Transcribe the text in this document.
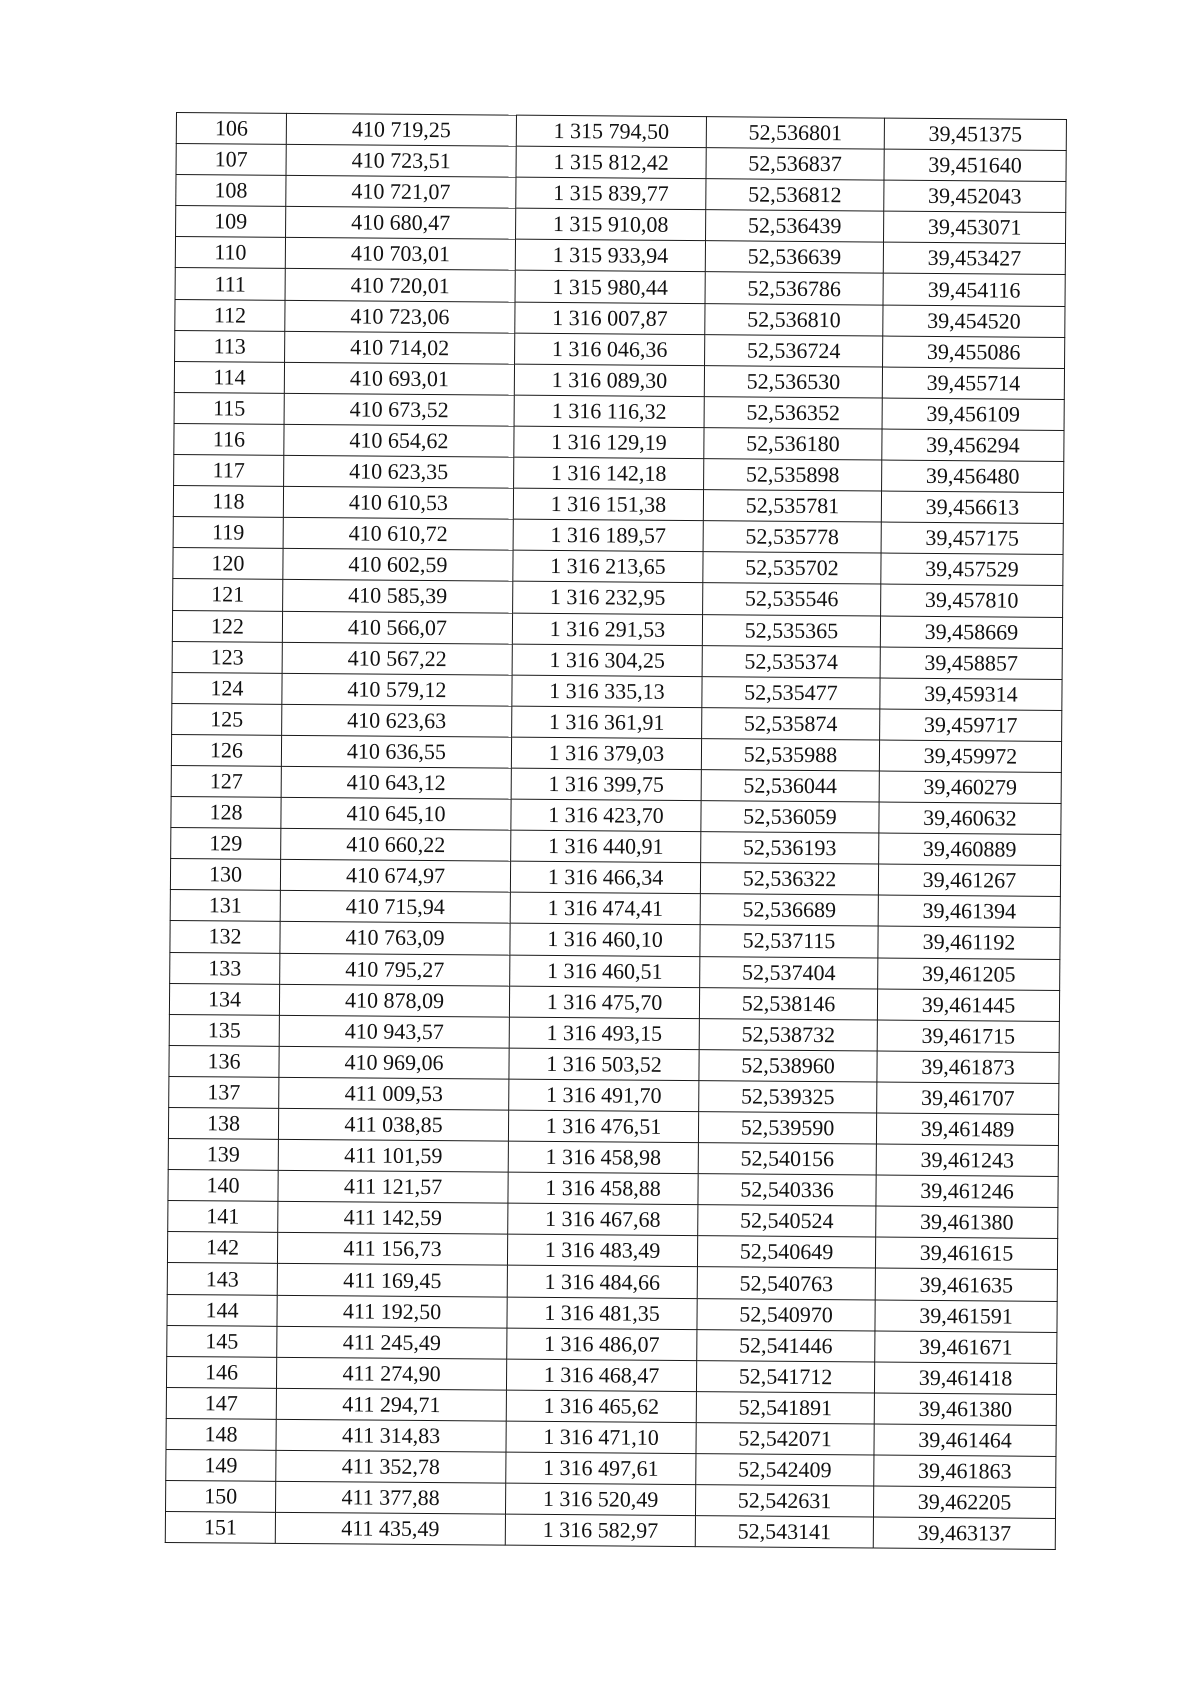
106	410 719,25	1 315 794,50	52,536801	39,451375
107	410 723,51	1 315 812,42	52,536837	39,451640
108	410 721,07	1 315 839,77	52,536812	39,452043
109	410 680,47	1 315 910,08	52,536439	39,453071
110	410 703,01	1 315 933,94	52,536639	39,453427
111	410 720,01	1 315 980,44	52,536786	39,454116
112	410 723,06	1 316 007,87	52,536810	39,454520
113	410 714,02	1 316 046,36	52,536724	39,455086
114	410 693,01	1 316 089,30	52,536530	39,455714
115	410 673,52	1 316 116,32	52,536352	39,456109
116	410 654,62	1 316 129,19	52,536180	39,456294
117	410 623,35	1 316 142,18	52,535898	39,456480
118	410 610,53	1 316 151,38	52,535781	39,456613
119	410 610,72	1 316 189,57	52,535778	39,457175
120	410 602,59	1 316 213,65	52,535702	39,457529
121	410 585,39	1 316 232,95	52,535546	39,457810
122	410 566,07	1 316 291,53	52,535365	39,458669
123	410 567,22	1 316 304,25	52,535374	39,458857
124	410 579,12	1 316 335,13	52,535477	39,459314
125	410 623,63	1 316 361,91	52,535874	39,459717
126	410 636,55	1 316 379,03	52,535988	39,459972
127	410 643,12	1 316 399,75	52,536044	39,460279
128	410 645,10	1 316 423,70	52,536059	39,460632
129	410 660,22	1 316 440,91	52,536193	39,460889
130	410 674,97	1 316 466,34	52,536322	39,461267
131	410 715,94	1 316 474,41	52,536689	39,461394
132	410 763,09	1 316 460,10	52,537115	39,461192
133	410 795,27	1 316 460,51	52,537404	39,461205
134	410 878,09	1 316 475,70	52,538146	39,461445
135	410 943,57	1 316 493,15	52,538732	39,461715
136	410 969,06	1 316 503,52	52,538960	39,461873
137	411 009,53	1 316 491,70	52,539325	39,461707
138	411 038,85	1 316 476,51	52,539590	39,461489
139	411 101,59	1 316 458,98	52,540156	39,461243
140	411 121,57	1 316 458,88	52,540336	39,461246
141	411 142,59	1 316 467,68	52,540524	39,461380
142	411 156,73	1 316 483,49	52,540649	39,461615
143	411 169,45	1 316 484,66	52,540763	39,461635
144	411 192,50	1 316 481,35	52,540970	39,461591
145	411 245,49	1 316 486,07	52,541446	39,461671
146	411 274,90	1 316 468,47	52,541712	39,461418
147	411 294,71	1 316 465,62	52,541891	39,461380
148	411 314,83	1 316 471,10	52,542071	39,461464
149	411 352,78	1 316 497,61	52,542409	39,461863
150	411 377,88	1 316 520,49	52,542631	39,462205
151	411 435,49	1 316 582,97	52,543141	39,463137
